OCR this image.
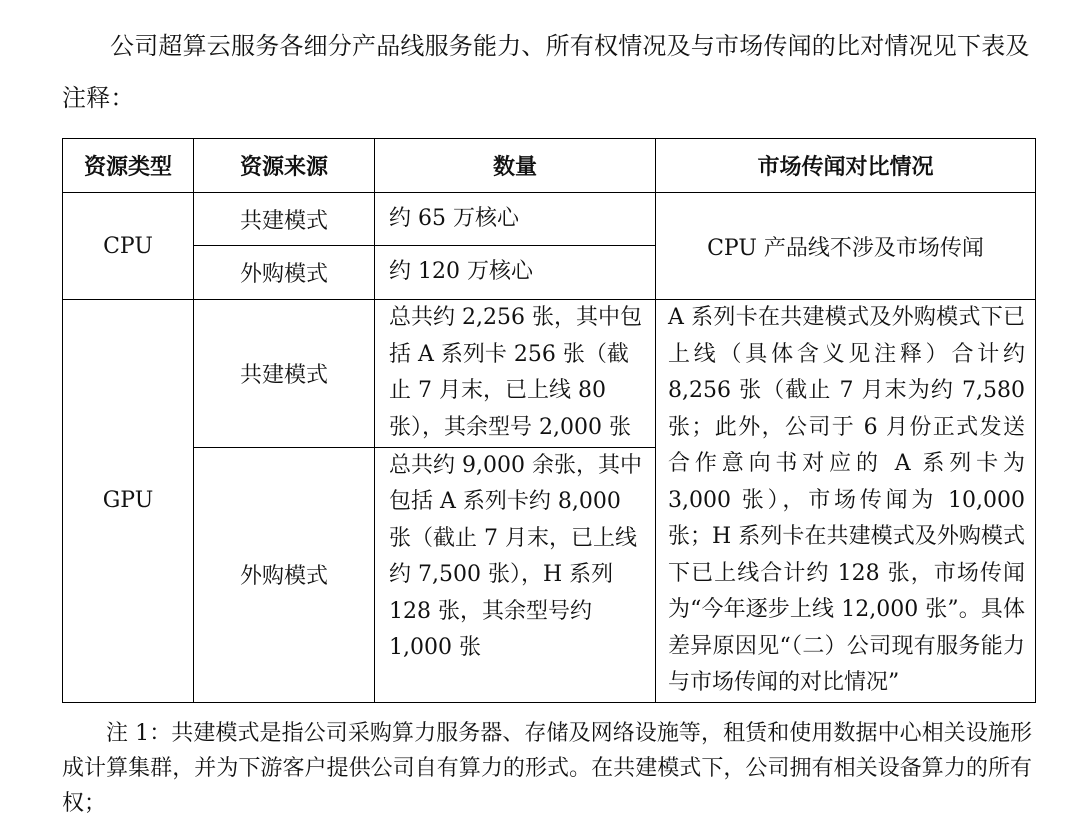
公司超算云服务各细分产品线服务能力、所有权情况及与市场传闻的比对情况见下表及注释：
资源类型	资源来源	数量	市场传闻对比情况
CPU	共建模式	约 65 万核心	CPU 产品线不涉及市场传闻
	外购模式	约 120 万核心	
GPU	共建模式	总共约 2,256 张，其中包括 A 系列卡 256 张（截止 7 月末，已上线 80 张），其余型号 2,000 张	A 系列卡在共建模式及外购模式下已上线（具体含义见注释）合计约 8,256 张（截止 7 月末为约 7,580 张；此外，公司于 6 月份正式发送合作意向书对应的 A 系列卡为 3,000 张），市场传闻为 10,000 张；H 系列卡在共建模式及外购模式下已上线合计约 128 张，市场传闻为“今年逐步上线 12,000 张”。具体差异原因见“（二）公司现有服务能力与市场传闻的对比情况”
	外购模式	总共约 9,000 余张，其中包括 A 系列卡约 8,000 张（截止 7 月末，已上线约 7,500 张），H 系列 128 张，其余型号约 1,000 张	
注 1：共建模式是指公司采购算力服务器、存储及网络设施等，租赁和使用数据中心相关设施形成计算集群，并为下游客户提供公司自有算力的形式。在共建模式下，公司拥有相关设备算力的所有权；
